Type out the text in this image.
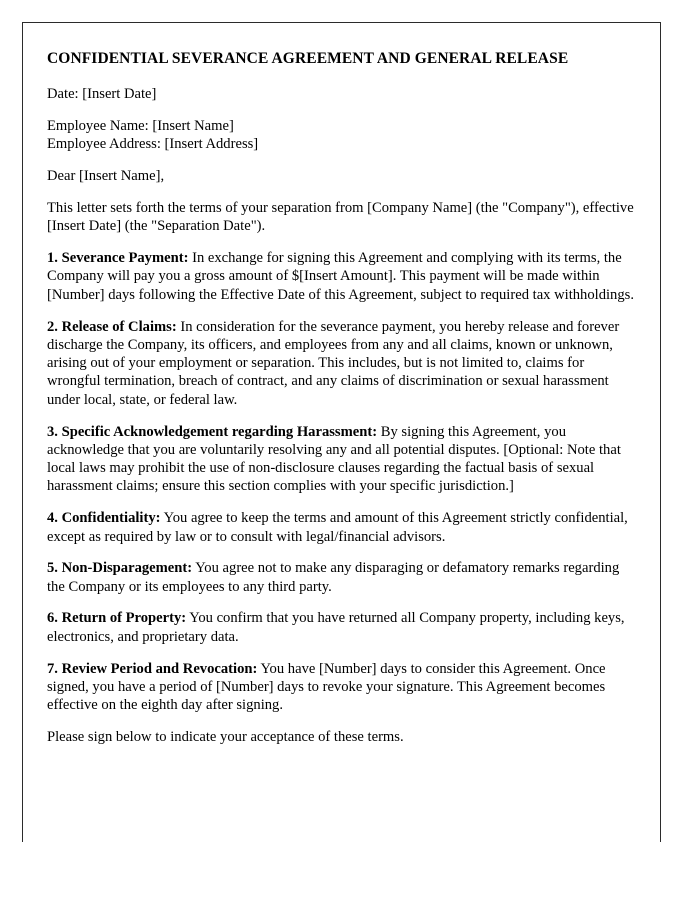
CONFIDENTIAL SEVERANCE AGREEMENT AND GENERAL RELEASE

Date: [Insert Date]

Employee Name: [Insert Name]
Employee Address: [Insert Address]

Dear [Insert Name],

This letter sets forth the terms of your separation from [Company Name] (the "Company"), effective [Insert Date] (the "Separation Date").

1. Severance Payment: In exchange for signing this Agreement and complying with its terms, the Company will pay you a gross amount of $[Insert Amount]. This payment will be made within [Number] days following the Effective Date of this Agreement, subject to required tax withholdings.

2. Release of Claims: In consideration for the severance payment, you hereby release and forever discharge the Company, its officers, and employees from any and all claims, known or unknown, arising out of your employment or separation. This includes, but is not limited to, claims for wrongful termination, breach of contract, and any claims of discrimination or sexual harassment under local, state, or federal law.

3. Specific Acknowledgement regarding Harassment: By signing this Agreement, you acknowledge that you are voluntarily resolving any and all potential disputes. [Optional: Note that local laws may prohibit the use of non-disclosure clauses regarding the factual basis of sexual harassment claims; ensure this section complies with your specific jurisdiction.]

4. Confidentiality: You agree to keep the terms and amount of this Agreement strictly confidential, except as required by law or to consult with legal/financial advisors.

5. Non-Disparagement: You agree not to make any disparaging or defamatory remarks regarding the Company or its employees to any third party.

6. Return of Property: You confirm that you have returned all Company property, including keys, electronics, and proprietary data.

7. Review Period and Revocation: You have [Number] days to consider this Agreement. Once signed, you have a period of [Number] days to revoke your signature. This Agreement becomes effective on the eighth day after signing.

Please sign below to indicate your acceptance of these terms.
